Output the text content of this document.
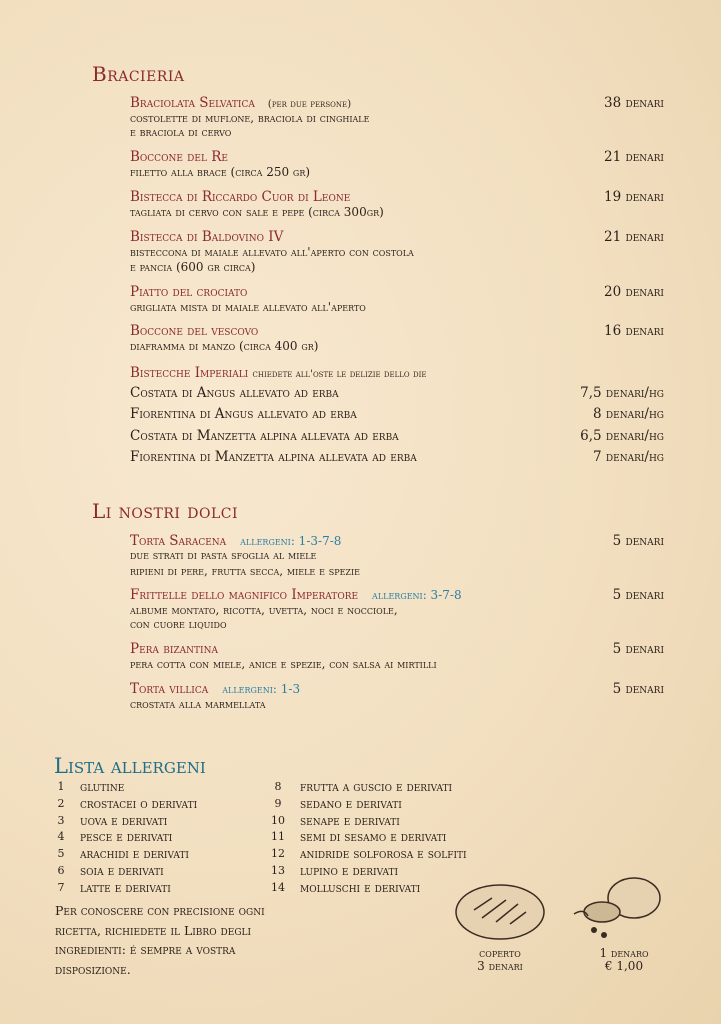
Bracieria
Braciolata Selvatica (per due persone)
costolette di muflone, braciola di cinghiale
e braciola di cervo
38 denari
Boccone del Re
filetto alla brace (circa 250 gr)
21 denari
Bistecca di Riccardo Cuor di Leone
tagliata di cervo con sale e pepe (circa 300gr)
19 denari
Bistecca di Baldovino IV
bisteccona di maiale allevato all'aperto con costola
e pancia (600 gr circa)
21 denari
Piatto del crociato
grigliata mista di maiale allevato all'aperto
20 denari
Boccone del vescovo
diaframma di manzo (circa 400 gr)
16 denari
Bistecche Imperiali chiedete all'oste le delizie dello die
Costata di Angus allevato ad erba	7,5 denari/hg
Fiorentina di Angus allevato ad erba	8 denari/hg
Costata di Manzetta alpina allevata ad erba	6,5 denari/hg
Fiorentina di Manzetta alpina allevata ad erba	7 denari/hg
Li nostri dolci
Torta Saracena allergeni: 1-3-7-8
due strati di pasta sfoglia al miele
ripieni di pere, frutta secca, miele e spezie
5 denari
Frittelle dello magnifico Imperatore allergeni: 3-7-8
albume montato, ricotta, uvetta, noci e nocciole,
con cuore liquido
5 denari
Pera bizantina
pera cotta con miele, anice e spezie, con salsa ai mirtilli
5 denari
Torta villica allergeni: 1-3
crostata alla marmellata
5 denari
Lista allergeni
1	glutine
2	crostacei o derivati
3	uova e derivati
4	pesce e derivati
5	arachidi e derivati
6	soia e derivati
7	latte e derivati
8	frutta a guscio e derivati
9	sedano e derivati
10 senape e derivati
11 semi di sesamo e derivati
12 anidride solforosa e solfiti
13 lupino e derivati
14 molluschi e derivati
Per conoscere con precisione ogni ricetta, richiedete il Libro degli ingredienti: é sempre a vostra disposizione.
coperto
3 denari
1 denaro
€ 1,00
